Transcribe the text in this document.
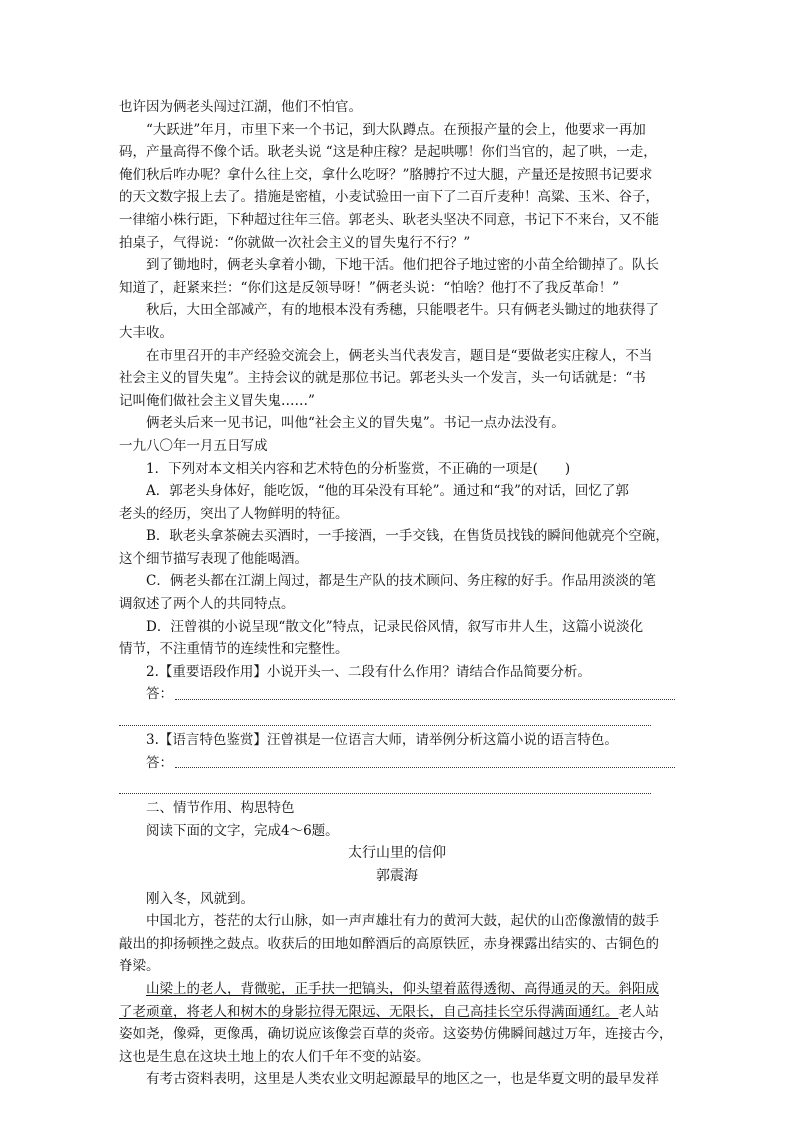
也许因为俩老头闯过江湖，他们不怕官。
“大跃进”年月，市里下来一个书记，到大队蹲点。在预报产量的会上，他要求一再加
码，产量高得不像个话。耿老头说 “这是种庄稼？是起哄哪！你们当官的，起了哄，一走，
俺们秋后咋办呢？拿什么往上交，拿什么吃呀？”胳膊拧不过大腿，产量还是按照书记要求
的天文数字报上去了。措施是密植，小麦试验田一亩下了二百斤麦种！高粱、玉米、谷子，
一律缩小株行距，下种超过往年三倍。郭老头、耿老头坚决不同意，书记下不来台，又不能
拍桌子，气得说：“你就做一次社会主义的冒失鬼行不行？”
到了锄地时，俩老头拿着小锄，下地干活。他们把谷子地过密的小苗全给锄掉了。队长
知道了，赶紧来拦：“你们这是反领导呀！”俩老头说：“怕啥？他打不了我反革命！”
秋后，大田全部减产，有的地根本没有秀穗，只能喂老牛。只有俩老头锄过的地获得了
大丰收。
在市里召开的丰产经验交流会上，俩老头当代表发言，题目是“要做老实庄稼人，不当
社会主义的冒失鬼”。主持会议的就是那位书记。郭老头头一个发言，头一句话就是：“书
记叫俺们做社会主义冒失鬼……”
俩老头后来一见书记，叫他“社会主义的冒失鬼”。书记一点办法没有。
一九八〇年一月五日写成
1．下列对本文相关内容和艺术特色的分析鉴赏，不正确的一项是(　　)
A．郭老头身体好，能吃饭，“他的耳朵没有耳轮”。通过和“我”的对话，回忆了郭
老头的经历，突出了人物鲜明的特征。
B．耿老头拿茶碗去买酒时，一手接酒，一手交钱，在售货员找钱的瞬间他就亮个空碗，
这个细节描写表现了他能喝酒。
C．俩老头都在江湖上闯过，都是生产队的技术顾问、务庄稼的好手。作品用淡淡的笔
调叙述了两个人的共同特点。
D．汪曾祺的小说呈现“散文化”特点，记录民俗风情，叙写市井人生，这篇小说淡化
情节，不注重情节的连续性和完整性。
2.【重要语段作用】小说开头一、二段有什么作用？请结合作品简要分析。
答：
3.【语言特色鉴赏】汪曾祺是一位语言大师，请举例分析这篇小说的语言特色。
答：
二、情节作用、构思特色
阅读下面的文字，完成4～6题。
太行山里的信仰
郭震海
刚入冬，风就到。
中国北方，苍茫的太行山脉，如一声声雄壮有力的黄河大鼓，起伏的山峦像激情的鼓手
敲出的抑扬顿挫之鼓点。收获后的田地如醉酒后的高原铁匠，赤身裸露出结实的、古铜色的
脊梁。
山梁上的老人，背微驼，正手扶一把镐头，仰头望着蓝得透彻、高得通灵的天。斜阳成
了老顽童，将老人和树木的身影拉得无限远、无限长，自己高挂长空乐得满面通红。老人站
姿如尧，像舜，更像禹，确切说应该像尝百草的炎帝。这姿势仿佛瞬间越过万年，连接古今，
这也是生息在这块土地上的农人们千年不变的站姿。
有考古资料表明，这里是人类农业文明起源最早的地区之一，也是华夏文明的最早发祥
